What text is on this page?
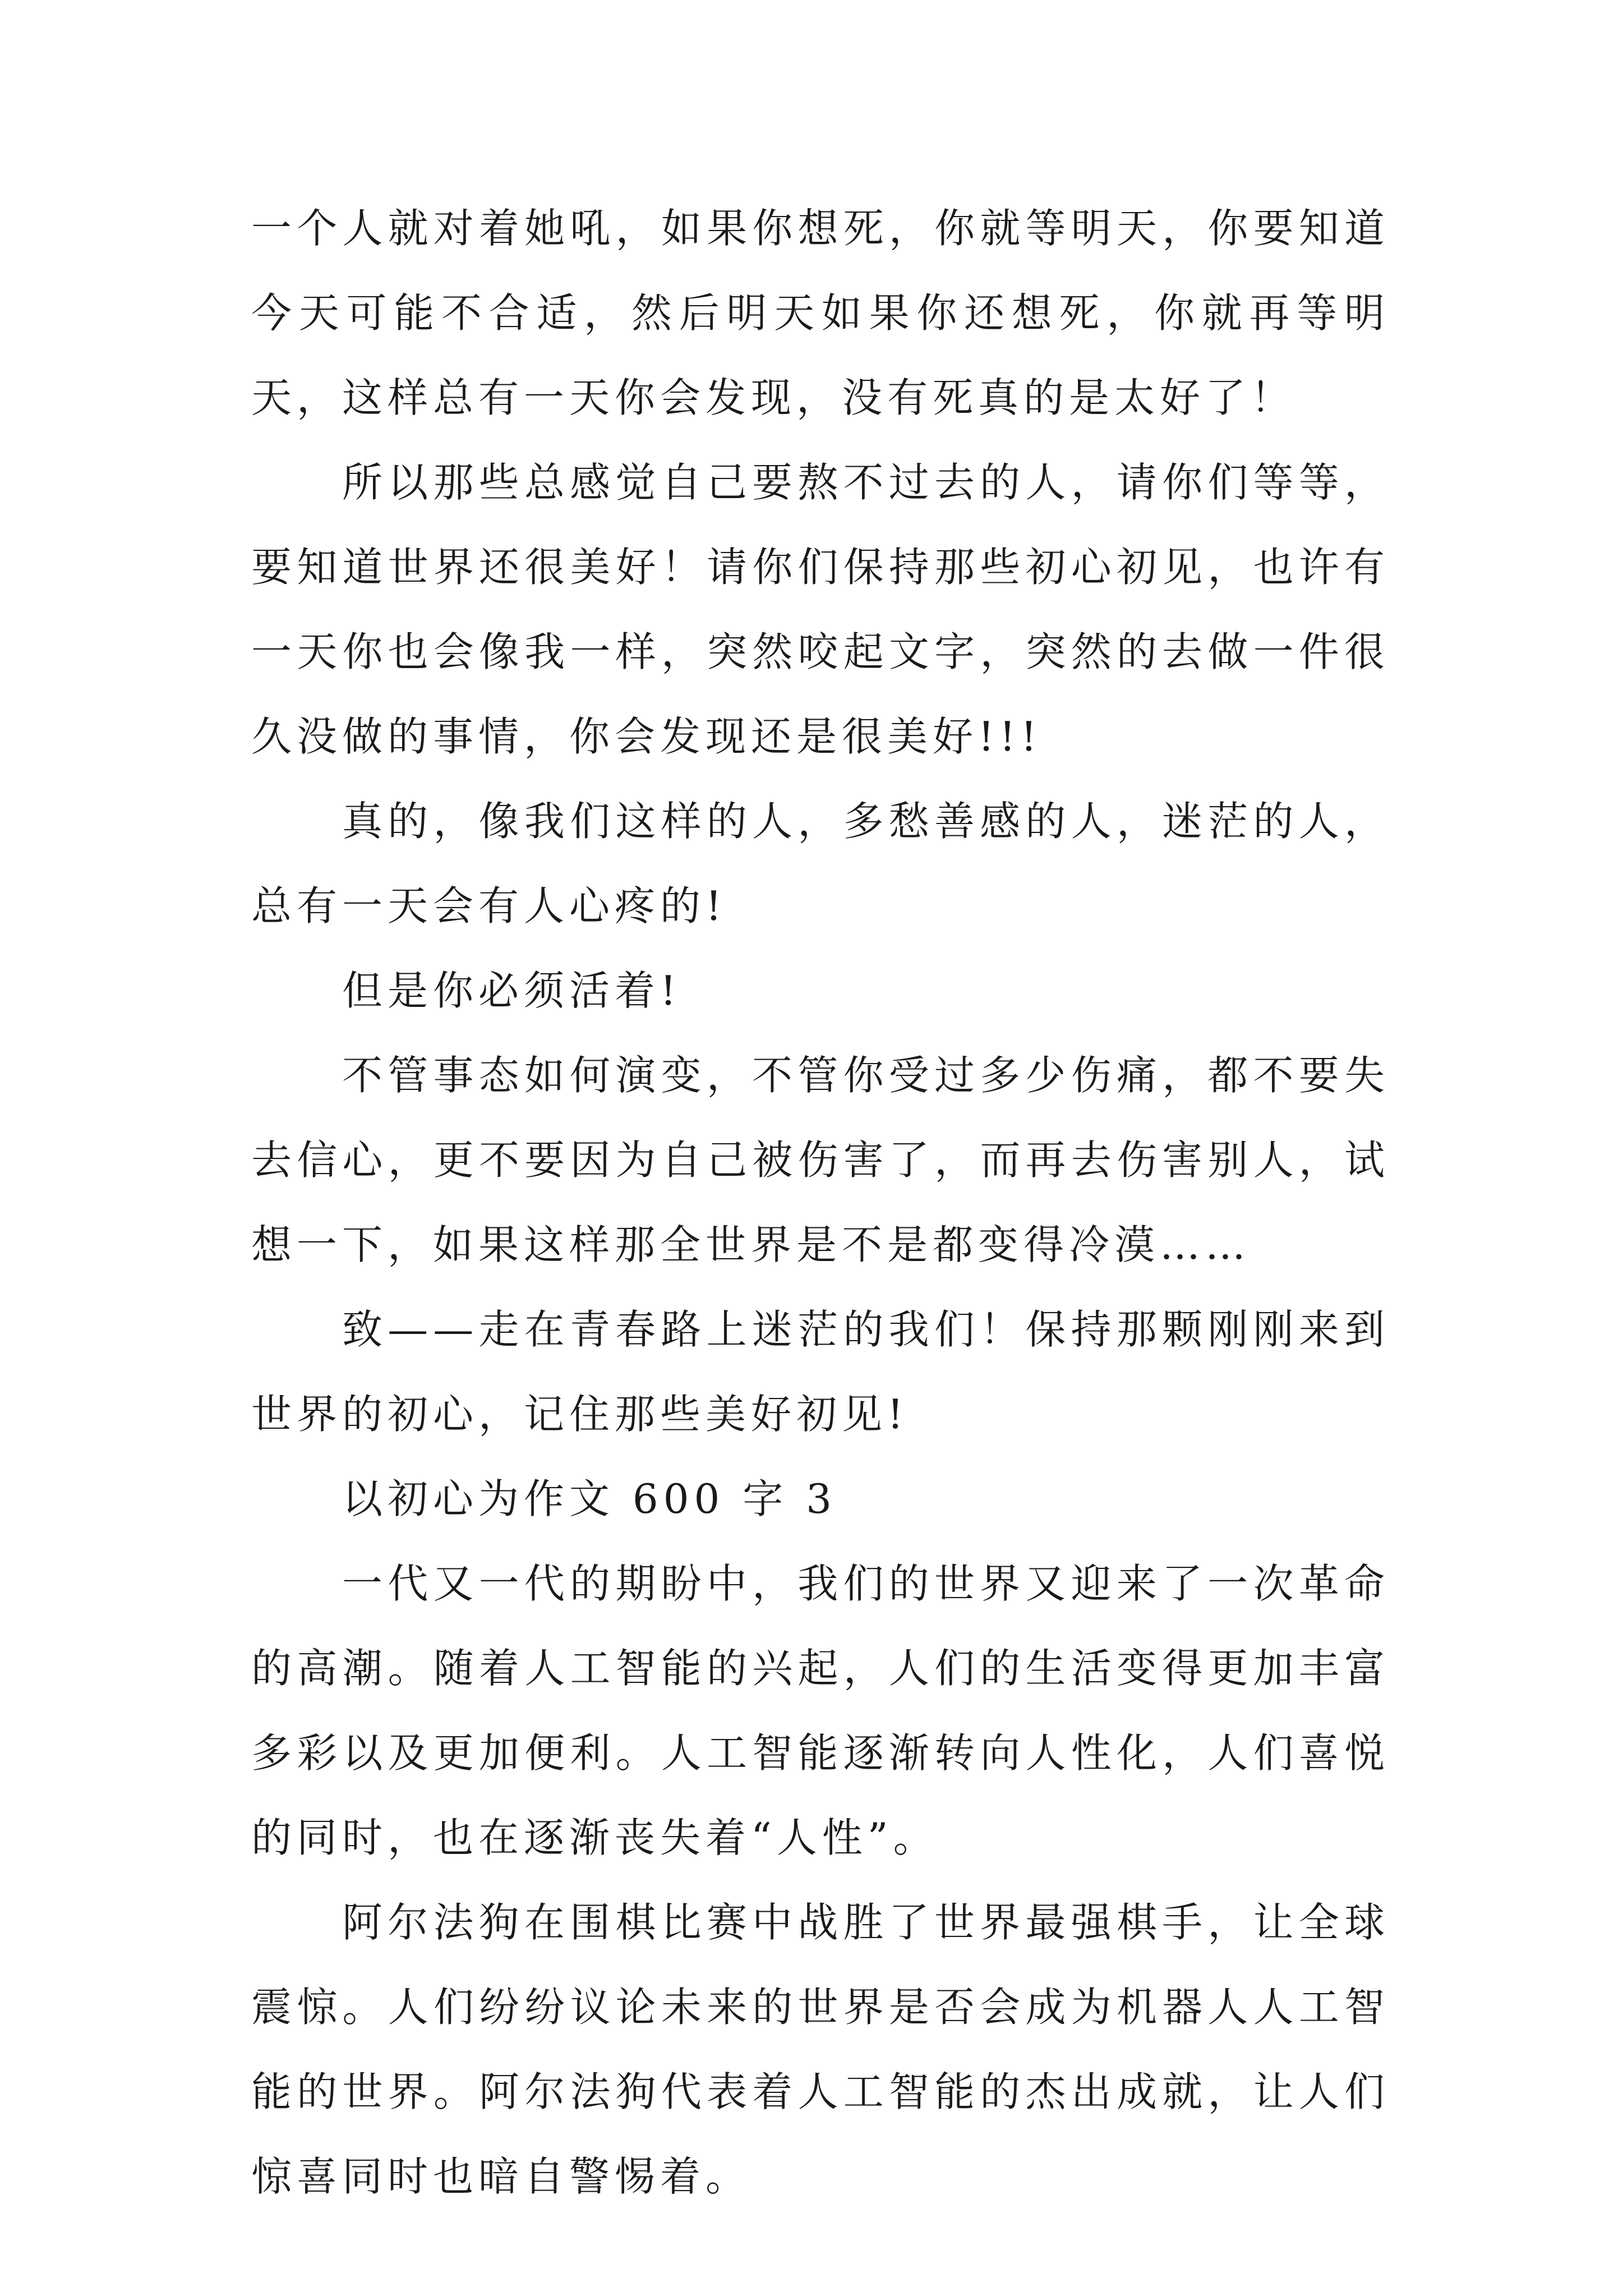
一个人就对着她吼，如果你想死，你就等明天，你要知道今天可能不合适，然后明天如果你还想死，你就再等明天，这样总有一天你会发现，没有死真的是太好了！

所以那些总感觉自己要熬不过去的人，请你们等等，要知道世界还很美好！请你们保持那些初心初见，也许有一天你也会像我一样，突然咬起文字，突然的去做一件很久没做的事情，你会发现还是很美好!!!

真的，像我们这样的人，多愁善感的人，迷茫的人，总有一天会有人心疼的!

但是你必须活着!

不管事态如何演变，不管你受过多少伤痛，都不要失去信心，更不要因为自己被伤害了，而再去伤害别人，试想一下，如果这样那全世界是不是都变得冷漠……

致——走在青春路上迷茫的我们！保持那颗刚刚来到世界的初心，记住那些美好初见!

以初心为作文 600 字 3

一代又一代的期盼中，我们的世界又迎来了一次革命的高潮。随着人工智能的兴起，人们的生活变得更加丰富多彩以及更加便利。人工智能逐渐转向人性化，人们喜悦的同时，也在逐渐丧失着“人性”。

阿尔法狗在围棋比赛中战胜了世界最强棋手，让全球震惊。人们纷纷议论未来的世界是否会成为机器人人工智能的世界。阿尔法狗代表着人工智能的杰出成就，让人们惊喜同时也暗自警惕着。
